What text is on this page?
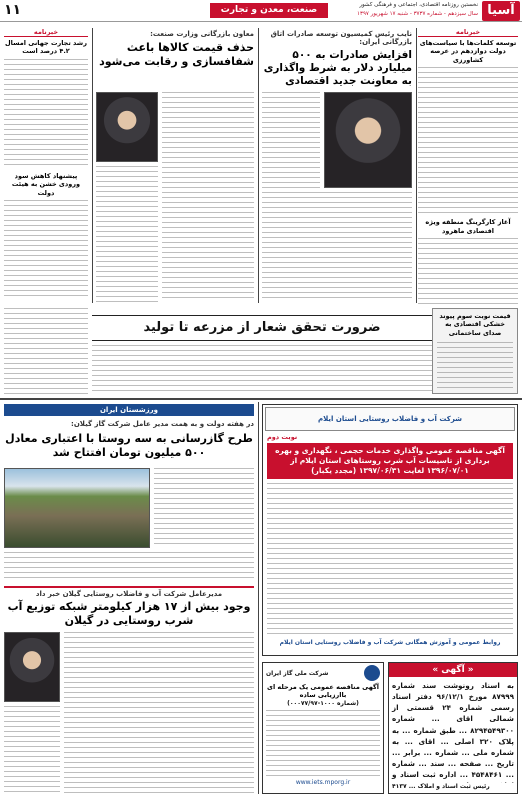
آسیا
نخستین روزنامه اقتصادی، اجتماعی و فرهنگی کشور
سال سیزدهم - شماره ۳۷۳۷ - شنبه ۱۷ شهریور ۱۳۹۷
صنعت، معدن و تجارت
۱۱
خبرنامه
توسعه کلمات‌ها با سیاست‌های دولت دوازدهم در عرصه کشاورزی
آغاز کارگرینگ منطقه ویژه اقتصادی ماهرود
نایب رئیس کمیسیون توسعه صادرات اتاق بازرگانی ایران:
افزایش صادرات به ۵۰۰ میلیارد دلار به شرط واگذاری به معاونت جدید اقتصادی
معاون بازرگانی وزارت صنعت:
حذف قیمت کالاها باعث شفافسازی و رقابت می‌شود
خبرنامه
رشد تجارت جهانی امسال ۴.۲ درصد است
پیشنهاد کاهش سود ورودی خشن به هیئت دولت
ضرورت تحقق شعار از مزرعه تا تولید
قیمت نوبت سوم پیوند خشکی اقتصادی به صدای ساختمانی
ورزشستان ایران
در هفته دولت و به همت مدیر عامل شرکت گاز گیلان:
طرح گازرسانی به سه روستا با اعتباری معادل ۵۰۰ میلیون تومان افتتاح شد
مدیرعامل شرکت آب و فاضلاب روستایی گیلان خبر داد
وجود بیش از ۱۷ هزار کیلومتر شبکه توزیع آب شرب روستایی در گیلان
شرکت آب و فاضلاب روستایی استان ایلام
نوبت دوم
آگهی مناقصه عمومی واگذاری خدمات حجمی ، نگهداری و بهره برداری از تاسیسات آب شرب روستاهای استان ایلام از ۱۳۹۶/۰۷/۰۱ لغایت ۱۳۹۷/۰۶/۳۱ (مجدد یکبار)
روابط عمومی و آموزش همگانی شرکت آب و فاضلاب روستایی استان ایلام
« آگهی »
به اسناد رونوشت سند شماره ۸۷۹۹۹ مورخ ۹۶/۱۲/۱ دفتر اسناد رسمی شماره ۲۴ قسمتی از شمالی اقای ... شماره ۸۲۹۴۵۴۹۳۰۰ ... طبق شماره ... به پلاک ۳۲۰ اصلی ... اقای ... به شماره ملی ... شماره ... برابر ... تاریخ ... صفحه ... سند ... شماره ... ۴۵۴۸۴۶۱ ... اداره ثبت اسناد و
رئیس ثبت اسناد و املاک ... ۴۱۳۷
شرکت ملی گاز ایران
آگهی مناقصه عمومی یک مرحله ای باارزیابی ساده
(شماره ۱۰۰۰-۰۰۰۷۷/۹۷)
www.iets.mporg.ir
